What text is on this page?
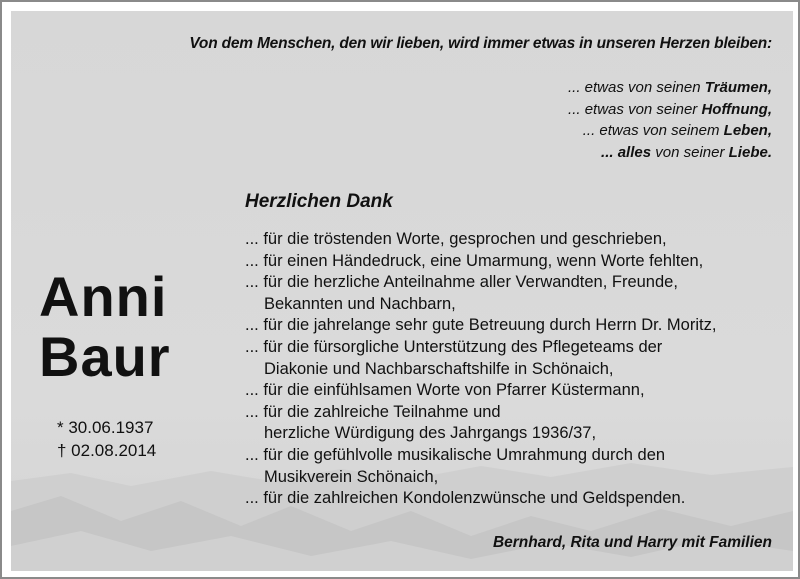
Von dem Menschen, den wir lieben, wird immer etwas in unseren Herzen bleiben:
... etwas von seinen Träumen,
... etwas von seiner Hoffnung,
... etwas von seinem Leben,
... alles von seiner Liebe.
Anni
Baur
* 30.06.1937
† 02.08.2014
Herzlichen Dank
... für die tröstenden Worte, gesprochen und geschrieben,
... für einen Händedruck, eine Umarmung, wenn Worte fehlten,
... für die herzliche Anteilnahme aller Verwandten, Freunde,
Bekannten und Nachbarn,
... für die jahrelange sehr gute Betreuung durch Herrn Dr. Moritz,
... für die fürsorgliche Unterstützung des Pflegeteams der
Diakonie und Nachbarschaftshilfe in Schönaich,
... für die einfühlsamen Worte von Pfarrer Küstermann,
... für die zahlreiche Teilnahme und
herzliche Würdigung des Jahrgangs 1936/37,
... für die gefühlvolle musikalische Umrahmung durch den
Musikverein Schönaich,
... für die zahlreichen Kondolenzwünsche und Geldspenden.
Bernhard, Rita und Harry mit Familien
